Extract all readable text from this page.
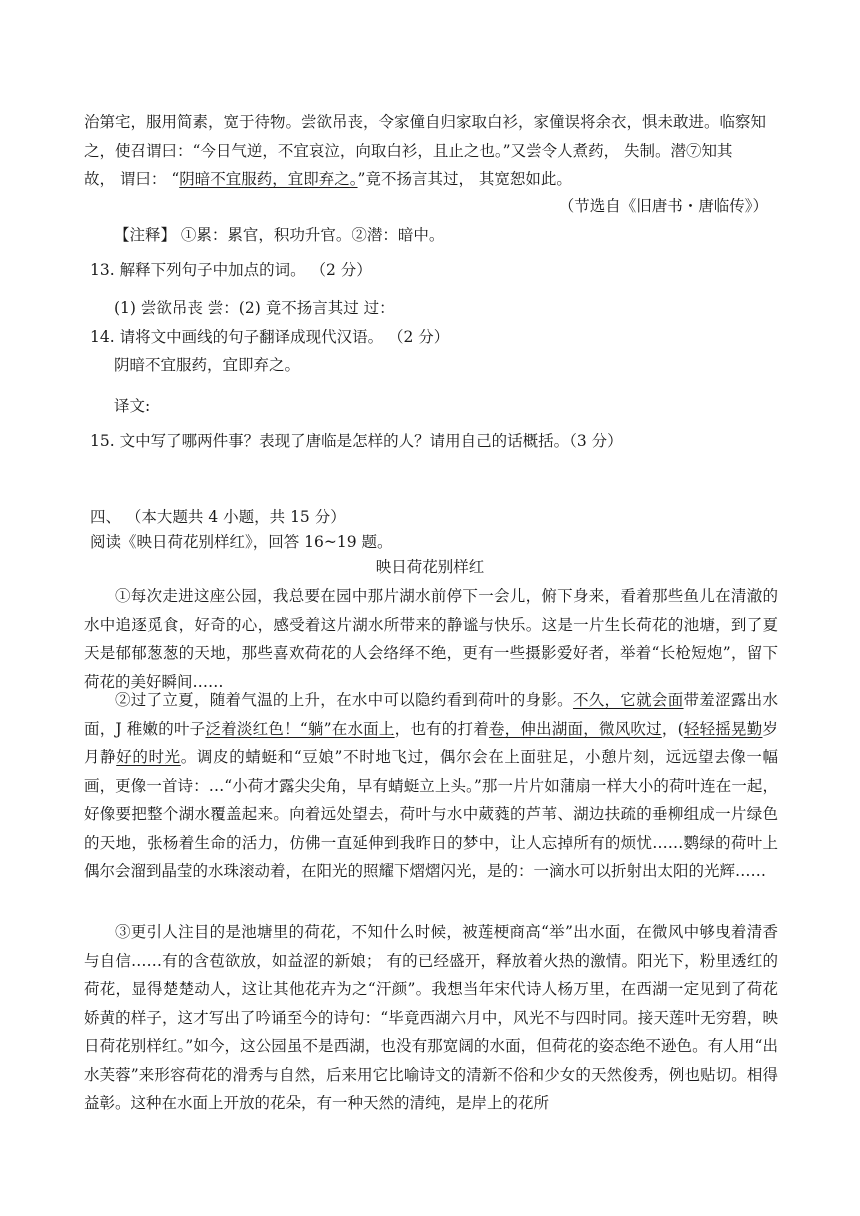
治第宅，服用简素，宽于待物。尝欲吊丧，令家僮自归家取白衫，家僮误将余衣，惧未敢进。临察知
之，使召谓曰：“今日气逆，不宜哀泣，向取白衫，且止之也。”又尝令人煮药， 失制。潜⑦知其
故， 谓曰： “阴暗不宜服药，宜即弃之。”竟不扬言其过， 其宽恕如此。

（节选自《旧唐书・唐临传》）

【注释】 ①累：累官，积功升官。②潜：暗中。

13. 解释下列句子中加点的词。 （2 分）

(1) 尝欲吊丧 尝：(2) 竟不扬言其过 过：

14. 请将文中画线的句子翻译成现代汉语。 （2 分）

阴暗不宜服药，宜即弃之。

译文:

15. 文中写了哪两件事？表现了唐临是怎样的人？请用自己的话概括。（3 分）

四、 （本大题共 4 小题，共 15 分）

阅读《映日荷花别样红》，回答 16~19 题。

映日荷花别样红

①每次走进这座公园，我总要在园中那片湖水前停下一会儿，俯下身来，看着那些鱼儿在清澈的水中追逐觅食，好奇的心，感受着这片湖水所带来的静谧与快乐。这是一片生长荷花的池塘，到了夏天是郁郁葱葱的天地，那些喜欢荷花的人会络绎不绝，更有一些摄影爱好者，举着“长枪短炮”，留下荷花的美好瞬间……

②过了立夏，随着气温的上升，在水中可以隐约看到荷叶的身影。不久，它就会面带羞涩露出水面，J 稚嫩的叶子泛着淡红色！“躺”在水面上，也有的打着卷，伸出湖面，微风吹过，(轻轻摇晃勤岁月静好的时光。调皮的蜻蜓和“豆娘”不时地飞过，偶尔会在上面驻足，小憩片刻，远远望去像一幅画，更像一首诗：…“小荷才露尖尖角，早有蜻蜓立上头。”那一片片如蒲扇一样大小的荷叶连在一起，好像要把整个湖水覆盖起来。向着远处望去，荷叶与水中葳蕤的芦苇、湖边扶疏的垂柳组成一片绿色的天地，张杨着生命的活力，仿佛一直延伸到我昨日的梦中，让人忘掉所有的烦忧……鹦绿的荷叶上偶尔会溜到晶莹的水珠滚动着，在阳光的照耀下熠熠闪光，是的：一滴水可以折射出太阳的光辉……

③更引人注目的是池塘里的荷花，不知什么时候，被莲梗商高“举”出水面，在微风中够曳着清香与自信……有的含苞欲放，如益涩的新娘； 有的已经盛开，释放着火热的激情。阳光下，粉里透红的荷花，显得楚楚动人，这让其他花卉为之“汗颜”。我想当年宋代诗人杨万里，在西湖一定见到了荷花娇黄的样子，这才写出了吟诵至今的诗句：“毕竟西湖六月中，风光不与四时同。接天莲叶无穷碧，映日荷花别样红。”如今，这公园虽不是西湖，也没有那宽阔的水面，但荷花的姿态绝不逊色。有人用“出水芙蓉”来形容荷花的滑秀与自然，后来用它比喻诗文的清新不俗和少女的天然俊秀，例也贴切。相得益彰。这种在水面上开放的花朵，有一种天然的清纯，是岸上的花所
